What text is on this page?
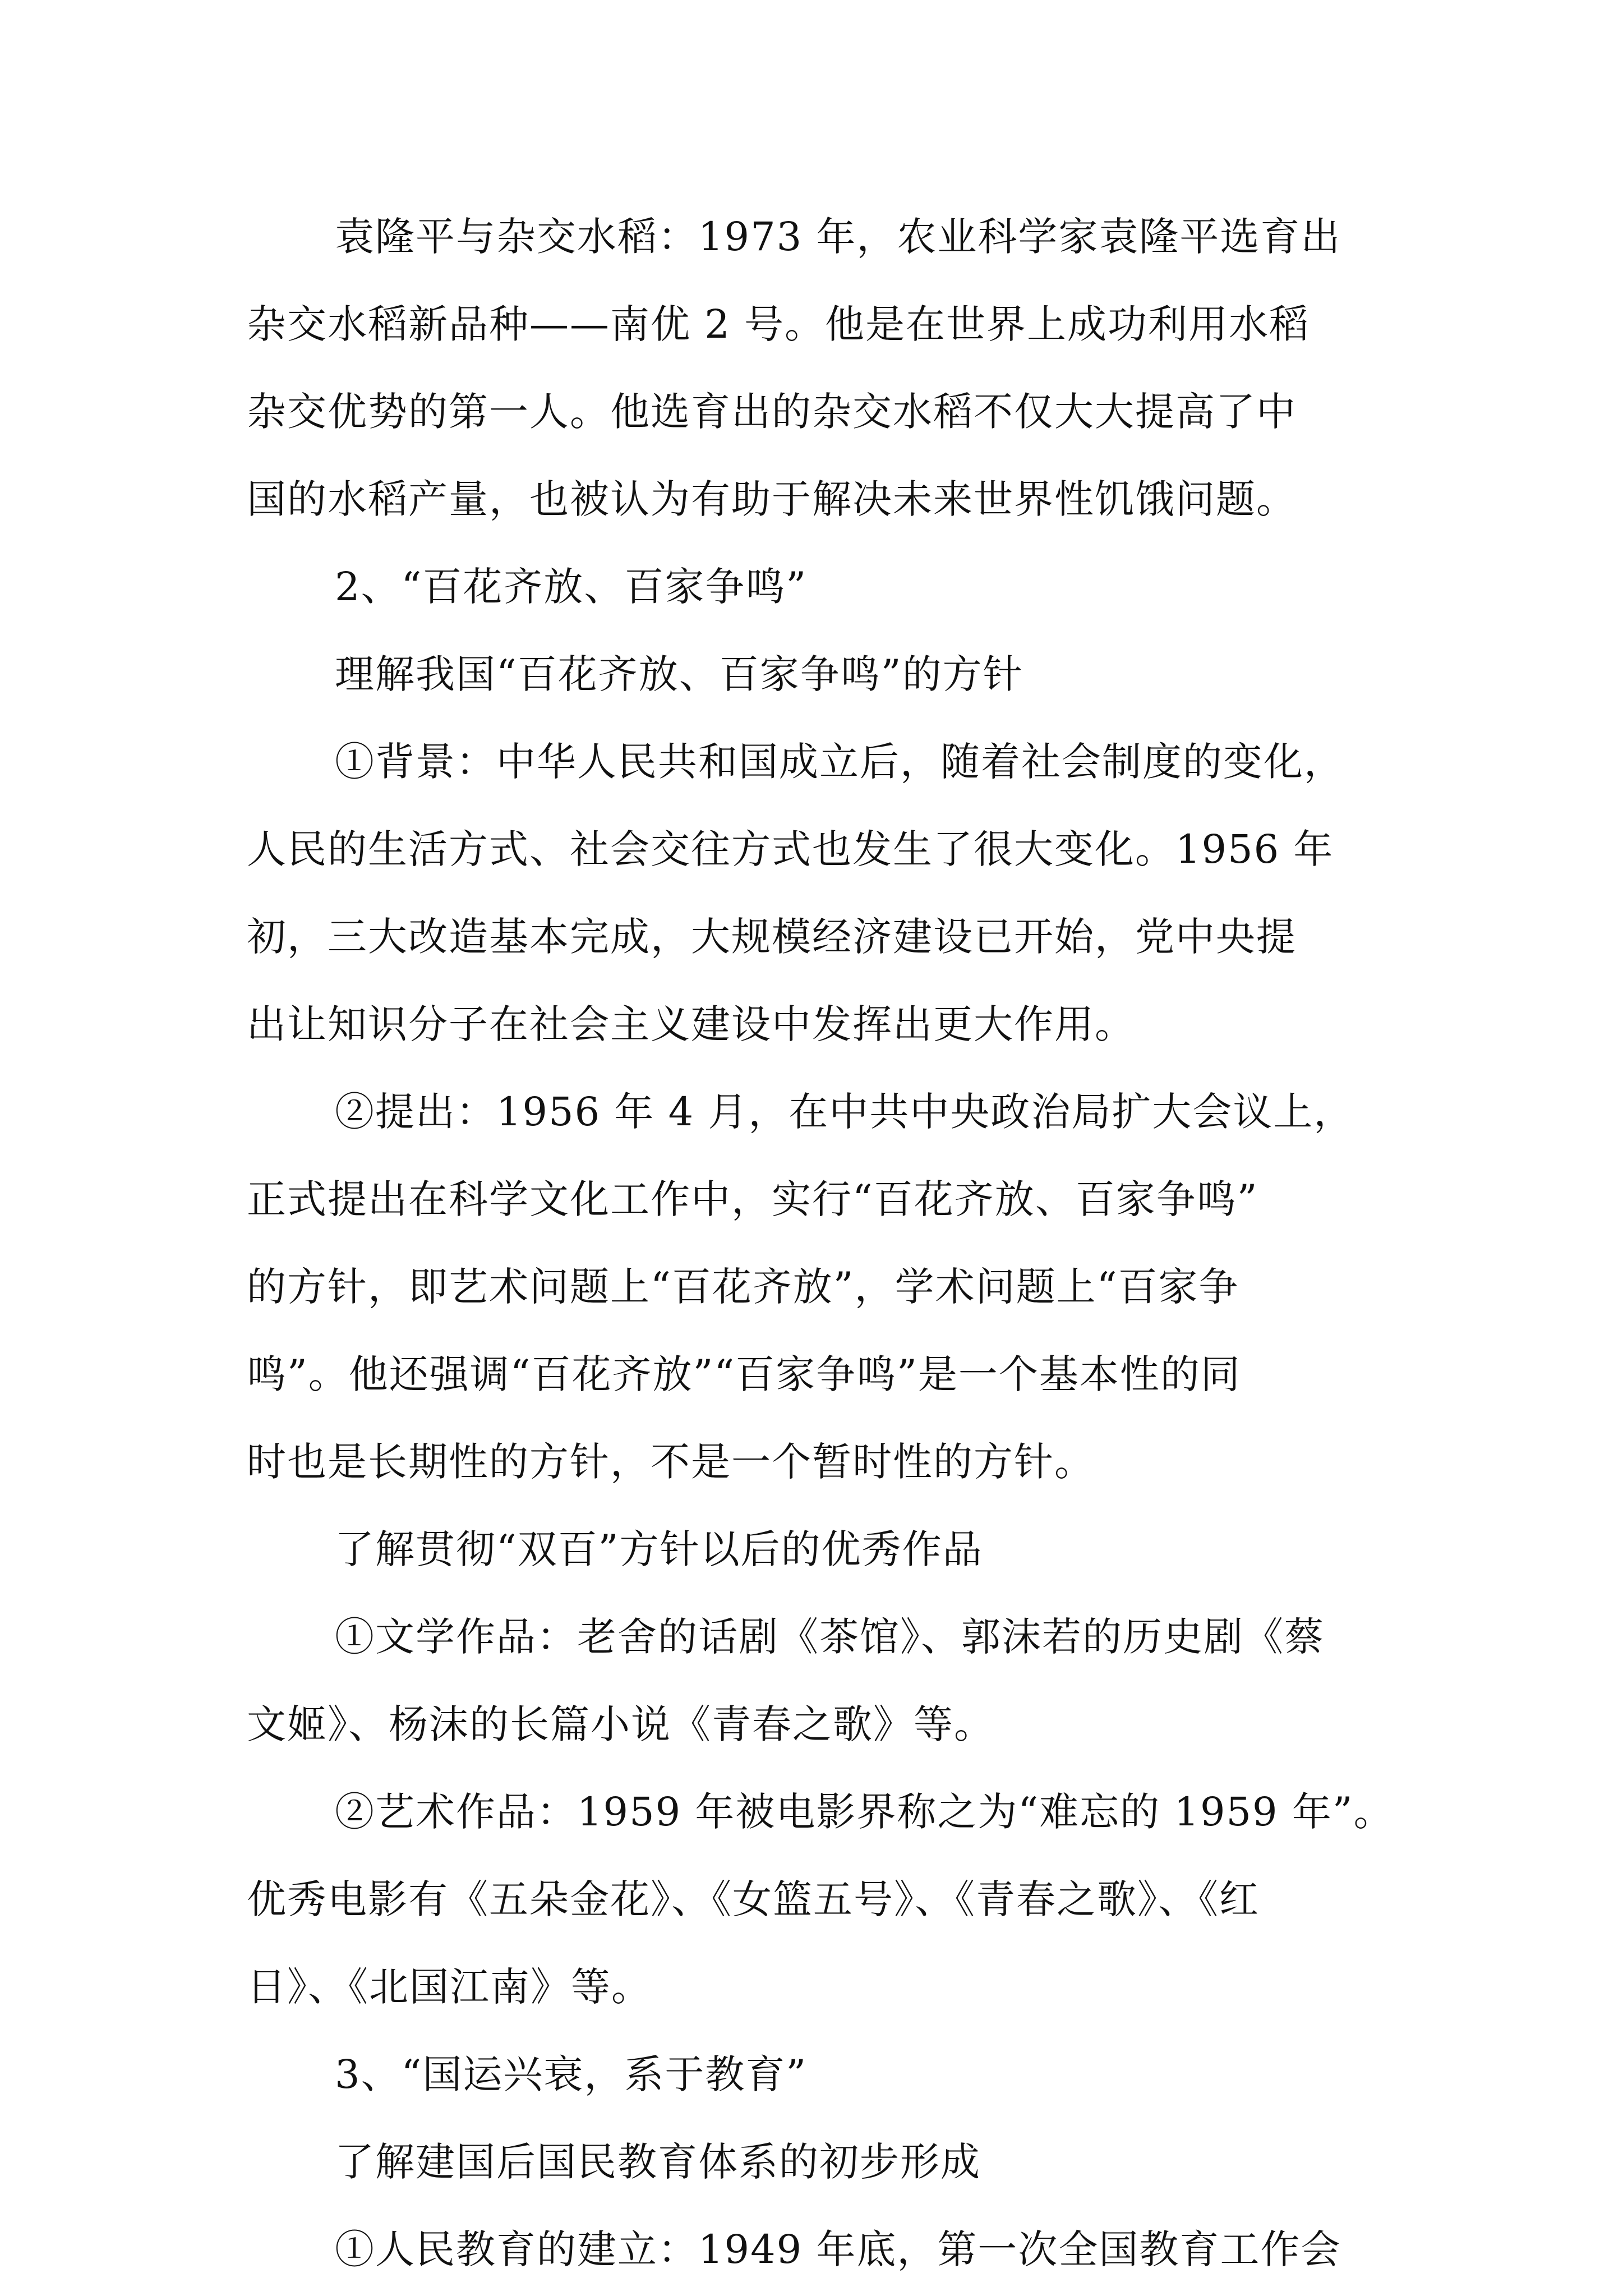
袁隆平与杂交水稻：1973 年，农业科学家袁隆平选育出
杂交水稻新品种——南优 2 号。他是在世界上成功利用水稻
杂交优势的第一人。他选育出的杂交水稻不仅大大提高了中
国的水稻产量，也被认为有助于解决未来世界性饥饿问题。
2、“百花齐放、百家争鸣”
理解我国“百花齐放、百家争鸣”的方针
①背景：中华人民共和国成立后，随着社会制度的变化，
人民的生活方式、社会交往方式也发生了很大变化。1956 年
初，三大改造基本完成，大规模经济建设已开始，党中央提
出让知识分子在社会主义建设中发挥出更大作用。
②提出：1956 年 4 月，在中共中央政治局扩大会议上，
正式提出在科学文化工作中，实行“百花齐放、百家争鸣”
的方针，即艺术问题上“百花齐放”，学术问题上“百家争
鸣”。他还强调“百花齐放”“百家争鸣”是一个基本性的同
时也是长期性的方针，不是一个暂时性的方针。
了解贯彻“双百”方针以后的优秀作品
①文学作品：老舍的话剧《茶馆》、郭沫若的历史剧《蔡
文姬》、杨沫的长篇小说《青春之歌》等。
②艺术作品：1959 年被电影界称之为“难忘的 1959 年”。
优秀电影有《五朵金花》、《女篮五号》、《青春之歌》、《红
日》、《北国江南》等。
3、“国运兴衰，系于教育”
了解建国后国民教育体系的初步形成
①人民教育的建立：1949 年底，第一次全国教育工作会
